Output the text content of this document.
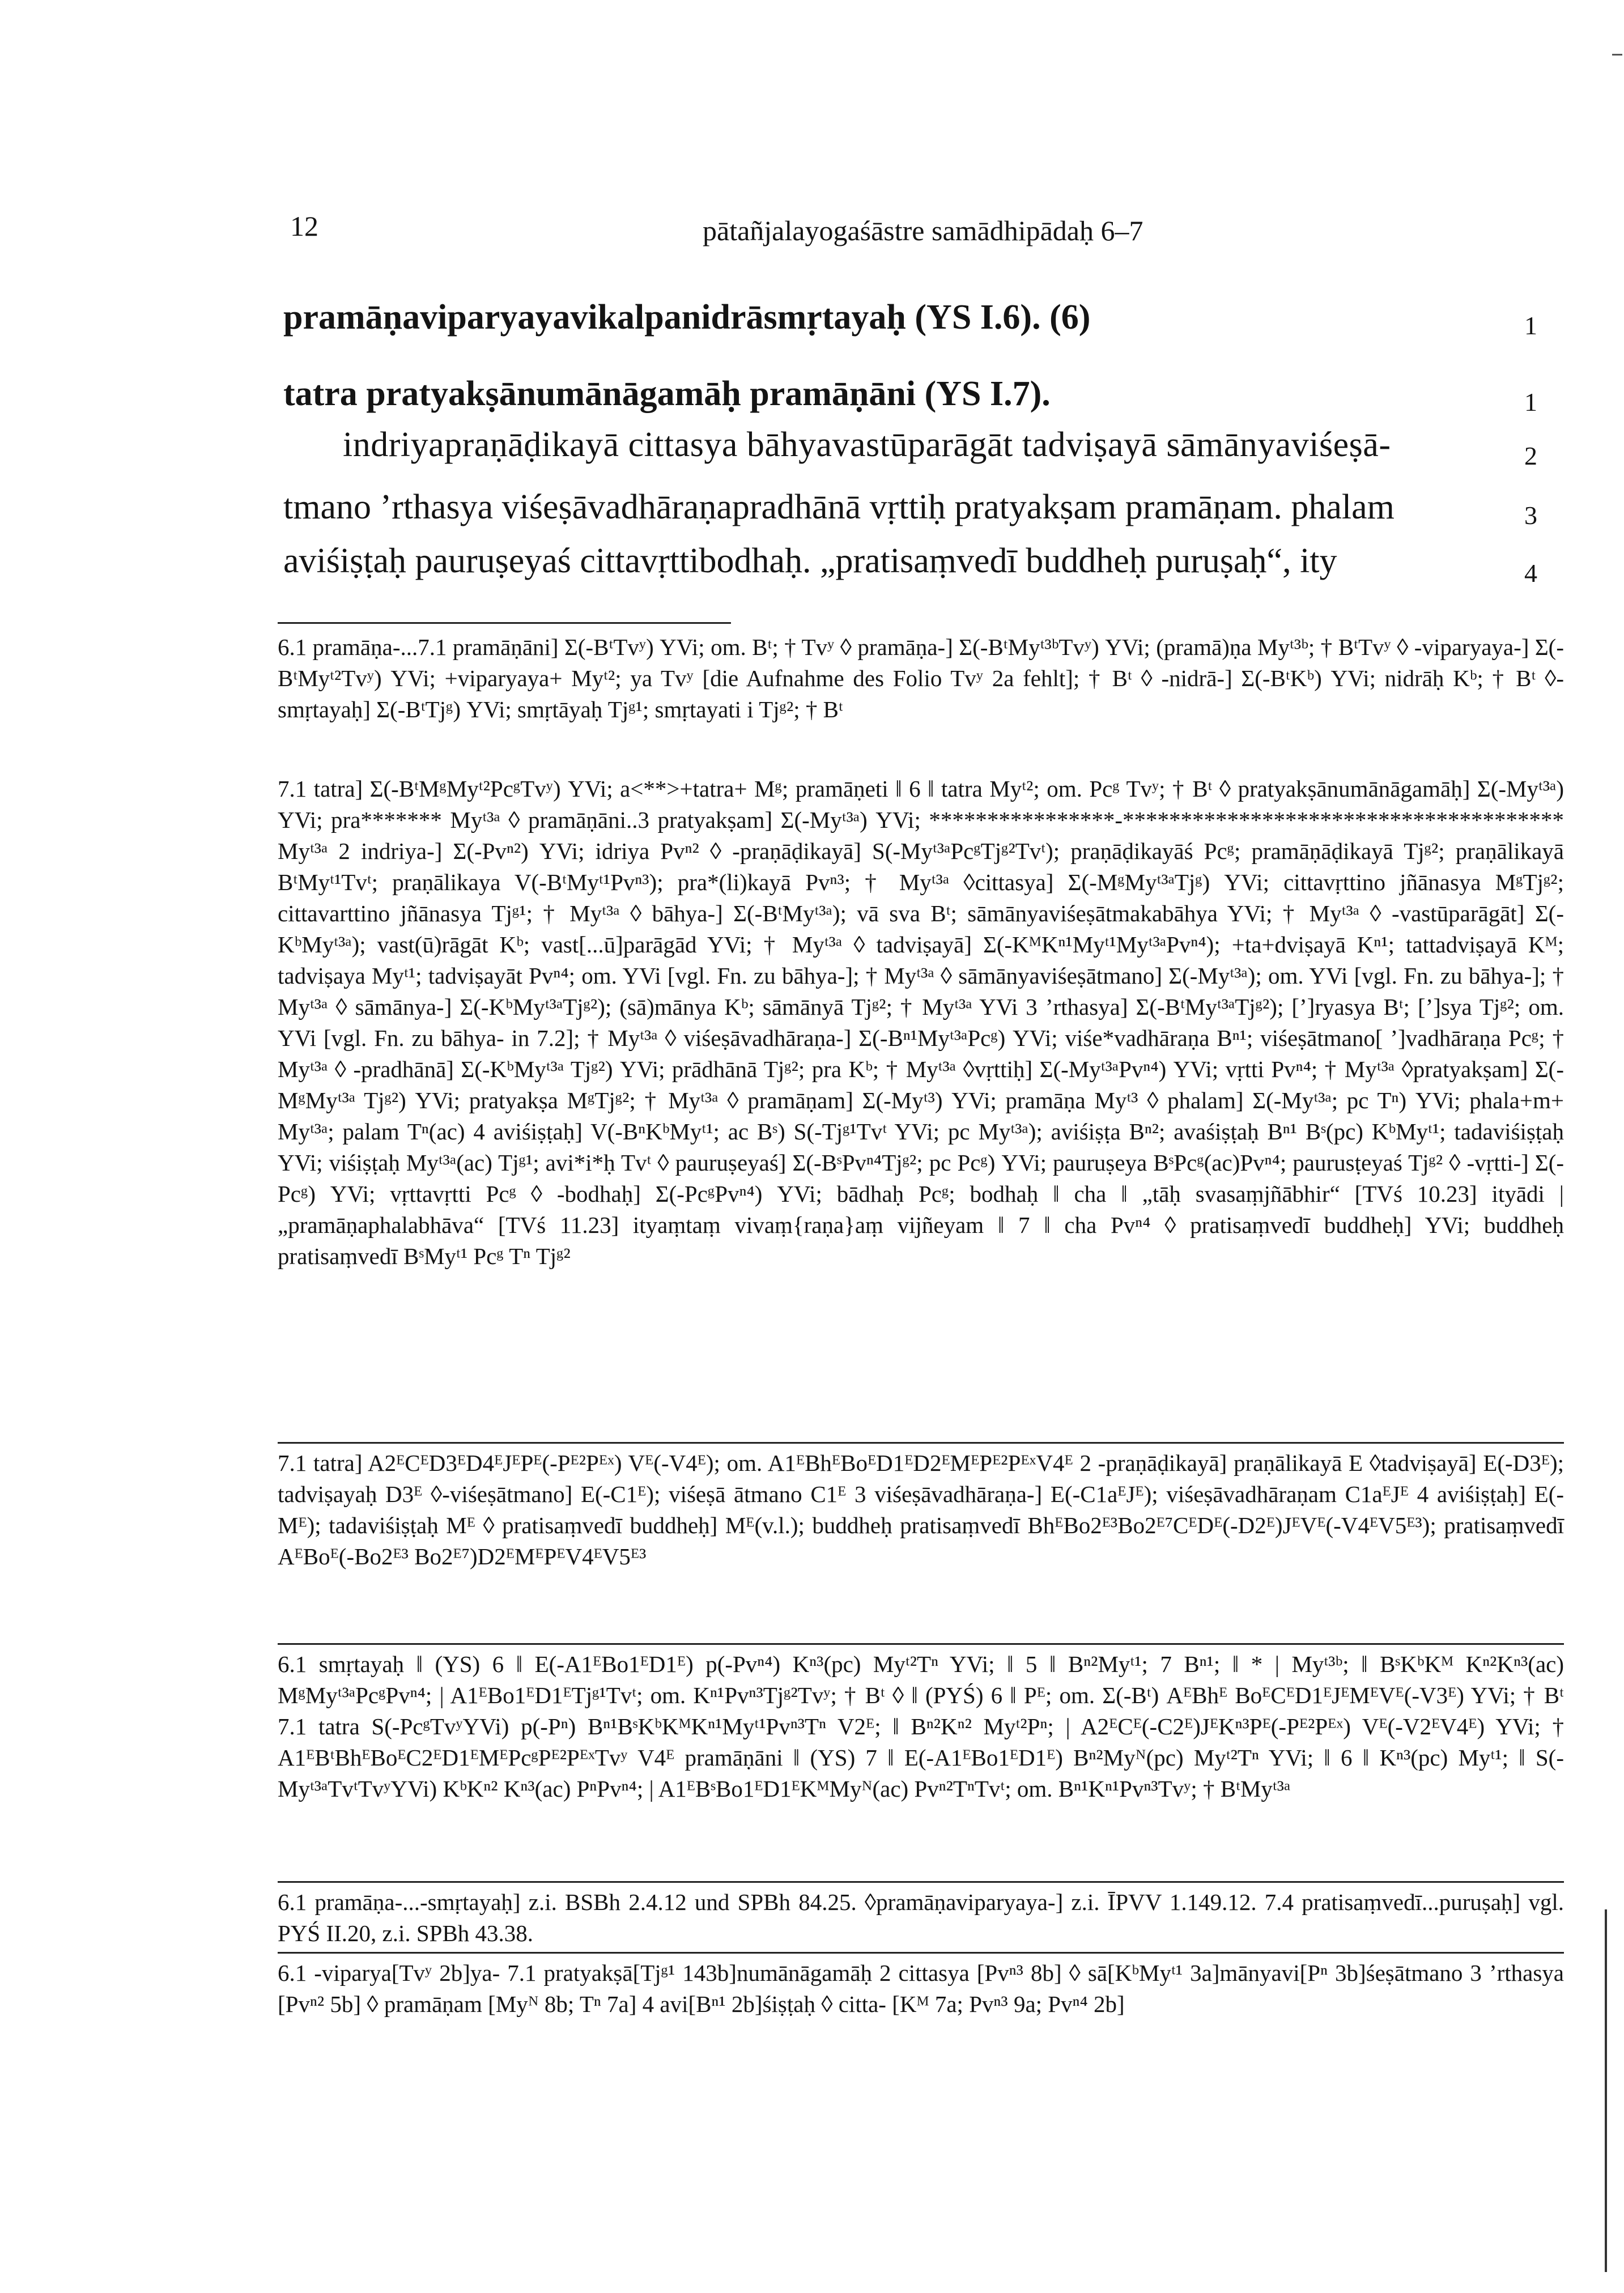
12	pātañjalayogaśāstre samādhipādaḥ 6–7
pramāṇaviparyayavikalpanidrāsmṛtayaḥ (YS I.6). (6)	1
tatra pratyakṣānumānāgamāḥ pramāṇāni (YS I.7).	1
indriyapraṇāḍikayā cittasya bāhyavastūparāgāt tadviṣayā sāmānyaviśeṣā-	2
tmano ’rthasya viśeṣāvadhāraṇapradhānā vṛttiḥ pratyakṣam pramāṇam. phalam	3
aviśiṣṭaḥ pauruṣeyaś cittavṛttibodhaḥ. „pratisaṃvedī buddheḥ puruṣaḥ“, ity	4
6.1 pramāṇa-...7.1 pramāṇāni] Σ(-BᵗTvʸ) YVi; om. Bᵗ; † Tvʸ ◊ pramāṇa-] Σ(-BᵗMyᵗ³ᵇTvʸ) YVi; (pramā)ṇa Myᵗ³ᵇ; † BᵗTvʸ ◊ -viparyaya-] Σ(-BᵗMyᵗ²Tvʸ) YVi; +viparyaya+ Myᵗ²; ya Tvʸ [die Aufnahme des Folio Tvʸ 2a fehlt]; † Bᵗ ◊ -nidrā-] Σ(-BᵗKᵇ) YVi; nidrāḥ Kᵇ; † Bᵗ ◊-smṛtayaḥ] Σ(-BᵗTjᵍ) YVi; smṛtāyaḥ Tjᵍ¹; smṛtayati i Tjᵍ²; † Bᵗ
7.1 tatra] Σ(-BᵗMᵍMyᵗ²PcᵍTvʸ) YVi; a<**>+tatra+ Mᵍ; pramāṇeti ‖ 6 ‖ tatra Myᵗ²; om. Pcᵍ Tvʸ; † Bᵗ ◊ pratyakṣānumānāgamāḥ] Σ(-Myᵗ³ᵃ) YVi; pra******* Myᵗ³ᵃ ◊ pramāṇāni..3 pratyakṣam] Σ(-Myᵗ³ᵃ) YVi; ****************-************************************** Myᵗ³ᵃ 2 indriya-] Σ(-Pvⁿ²) YVi; idriya Pvⁿ² ◊ -praṇāḍikayā] S(-Myᵗ³ᵃPcᵍTjᵍ²Tvᵗ); praṇāḍikayāś Pcᵍ; pramāṇāḍikayā Tjᵍ²; praṇālikayā BᵗMyᵗ¹Tvᵗ; praṇālikaya V(-BᵗMyᵗ¹Pvⁿ³); pra*(li)kayā Pvⁿ³; † Myᵗ³ᵃ ◊cittasya] Σ(-MᵍMyᵗ³ᵃTjᵍ) YVi; cittavṛttino jñānasya MᵍTjᵍ²; cittavarttino jñānasya Tjᵍ¹; † Myᵗ³ᵃ ◊ bāhya-] Σ(-BᵗMyᵗ³ᵃ); vā sva Bᵗ; sāmānyaviśeṣātmakabāhya YVi; † Myᵗ³ᵃ ◊ -vastūparāgāt] Σ(-KᵇMyᵗ³ᵃ); vast(ū)rāgāt Kᵇ; vast[...ū]parāgād YVi; † Myᵗ³ᵃ ◊ tadviṣayā] Σ(-KᴹKⁿ¹Myᵗ¹Myᵗ³ᵃPvⁿ⁴); +ta+dviṣayā Kⁿ¹; tattadviṣayā Kᴹ; tadviṣaya Myᵗ¹; tadviṣayāt Pvⁿ⁴; om. YVi [vgl. Fn. zu bāhya-]; † Myᵗ³ᵃ ◊ sāmānyaviśeṣātmano] Σ(-Myᵗ³ᵃ); om. YVi [vgl. Fn. zu bāhya-]; † Myᵗ³ᵃ ◊ sāmānya-] Σ(-KᵇMyᵗ³ᵃTjᵍ²); (sā)mānya Kᵇ; sāmānyā Tjᵍ²; † Myᵗ³ᵃ YVi 3 ’rthasya] Σ(-BᵗMyᵗ³ᵃTjᵍ²); [’]ryasya Bᵗ; [’]sya Tjᵍ²; om. YVi [vgl. Fn. zu bāhya- in 7.2]; † Myᵗ³ᵃ ◊ viśeṣāvadhāraṇa-] Σ(-Bⁿ¹Myᵗ³ᵃPcᵍ) YVi; viśe*vadhāraṇa Bⁿ¹; viśeṣātmano[ ’]vadhāraṇa Pcᵍ; † Myᵗ³ᵃ ◊ -pradhānā] Σ(-KᵇMyᵗ³ᵃ Tjᵍ²) YVi; prādhānā Tjᵍ²; pra Kᵇ; † Myᵗ³ᵃ ◊vṛttiḥ] Σ(-Myᵗ³ᵃPvⁿ⁴) YVi; vṛtti Pvⁿ⁴; † Myᵗ³ᵃ ◊pratyakṣam] Σ(-MᵍMyᵗ³ᵃ Tjᵍ²) YVi; pratyakṣa MᵍTjᵍ²; † Myᵗ³ᵃ ◊ pramāṇam] Σ(-Myᵗ³) YVi; pramāṇa Myᵗ³ ◊ phalam] Σ(-Myᵗ³ᵃ; pc Tⁿ) YVi; phala+m+ Myᵗ³ᵃ; palam Tⁿ(ac) 4 aviśiṣṭaḥ] V(-BⁿKᵇMyᵗ¹; ac Bˢ) S(-Tjᵍ¹Tvᵗ YVi; pc Myᵗ³ᵃ); aviśiṣṭa Bⁿ²; avaśiṣṭaḥ Bⁿ¹ Bˢ(pc) KᵇMyᵗ¹; tadaviśiṣṭaḥ YVi; viśiṣṭaḥ Myᵗ³ᵃ(ac) Tjᵍ¹; avi*i*ḥ Tvᵗ ◊ pauruṣeyaś] Σ(-BˢPvⁿ⁴Tjᵍ²; pc Pcᵍ) YVi; pauruṣeya BˢPcᵍ(ac)Pvⁿ⁴; paurusṭeyaś Tjᵍ² ◊ -vṛtti-] Σ(-Pcᵍ) YVi; vṛttavṛtti Pcᵍ ◊ -bodhaḥ] Σ(-PcᵍPvⁿ⁴) YVi; bādhaḥ Pcᵍ; bodhaḥ ‖ cha ‖ „tāḥ svasaṃjñābhir“ [TVś 10.23] ityādi | „pramāṇaphalabhāva“ [TVś 11.23] ityaṃtaṃ vivaṃ{raṇa}aṃ vijñeyam ‖ 7 ‖ cha Pvⁿ⁴ ◊ pratisaṃvedī buddheḥ] YVi; buddheḥ pratisaṃvedī BˢMyᵗ¹ Pcᵍ Tⁿ Tjᵍ²
7.1 tatra] A2ᴱCᴱD3ᴱD4ᴱJᴱPᴱ(-Pᴱ²Pᴱˣ) Vᴱ(-V4ᴱ); om. A1ᴱBhᴱBoᴱD1ᴱD2ᴱMᴱPᴱ²PᴱˣV4ᴱ 2 -praṇāḍikayā] praṇālikayā E ◊tadviṣayā] E(-D3ᴱ); tadviṣayaḥ D3ᴱ ◊-viśeṣātmano] E(-C1ᴱ); viśeṣā ātmano C1ᴱ 3 viśeṣāvadhāraṇa-] E(-C1aᴱJᴱ); viśeṣāvadhāraṇam C1aᴱJᴱ 4 aviśiṣṭaḥ] E(-Mᴱ); tadaviśiṣṭaḥ Mᴱ ◊ pratisaṃvedī buddheḥ] Mᴱ(v.l.); buddheḥ pratisaṃvedī BhᴱBo2ᴱ³Bo2ᴱ⁷CᴱDᴱ(-D2ᴱ)JᴱVᴱ(-V4ᴱV5ᴱ³); pratisaṃvedī AᴱBoᴱ(-Bo2ᴱ³ Bo2ᴱ⁷)D2ᴱMᴱPᴱV4ᴱV5ᴱ³
6.1 smṛtayaḥ ‖ (YS) 6 ‖ E(-A1ᴱBo1ᴱD1ᴱ) p(-Pvⁿ⁴) Kⁿ³(pc) Myᵗ²Tⁿ YVi; ‖ 5 ‖ Bⁿ²Myᵗ¹; 7 Bⁿ¹; ‖ * | Myᵗ³ᵇ; ‖ BˢKᵇKᴹ Kⁿ²Kⁿ³(ac) MᵍMyᵗ³ᵃPcᵍPvⁿ⁴; | A1ᴱBo1ᴱD1ᴱTjᵍ¹Tvᵗ; om. Kⁿ¹Pvⁿ³Tjᵍ²Tvʸ; † Bᵗ ◊ ‖ (PYŚ) 6 ‖ Pᴱ; om. Σ(-Bᵗ) AᴱBhᴱ BoᴱCᴱD1ᴱJᴱMᴱVᴱ(-V3ᴱ) YVi; † Bᵗ 7.1 tatra S(-PcᵍTvʸYVi) p(-Pⁿ) Bⁿ¹BˢKᵇKᴹKⁿ¹Myᵗ¹Pvⁿ³Tⁿ V2ᴱ; ‖ Bⁿ²Kⁿ² Myᵗ²Pⁿ; | A2ᴱCᴱ(-C2ᴱ)JᴱKⁿ³Pᴱ(-Pᴱ²Pᴱˣ) Vᴱ(-V2ᴱV4ᴱ) YVi; † A1ᴱBᵗBhᴱBoᴱC2ᴱD1ᴱMᴱPcᵍPᴱ²PᴱˣTvʸ V4ᴱ pramāṇāni ‖ (YS) 7 ‖ E(-A1ᴱBo1ᴱD1ᴱ) Bⁿ²Myᴺ(pc) Myᵗ²Tⁿ YVi; ‖ 6 ‖ Kⁿ³(pc) Myᵗ¹; ‖ S(-Myᵗ³ᵃTvᵗTvʸYVi) KᵇKⁿ² Kⁿ³(ac) PⁿPvⁿ⁴; | A1ᴱBˢBo1ᴱD1ᴱKᴹMyᴺ(ac) Pvⁿ²TⁿTvᵗ; om. Bⁿ¹Kⁿ¹Pvⁿ³Tvʸ; † BᵗMyᵗ³ᵃ
6.1 pramāṇa-...-smṛtayaḥ] z.i. BSBh 2.4.12 und SPBh 84.25. ◊pramāṇaviparyaya-] z.i. ĪPVV 1.149.12. 7.4 pratisaṃvedī...puruṣaḥ] vgl. PYŚ II.20, z.i. SPBh 43.38.
6.1 -viparya[Tvʸ 2b]ya- 7.1 pratyakṣā[Tjᵍ¹ 143b]numānāgamāḥ 2 cittasya [Pvⁿ³ 8b] ◊ sā[KᵇMyᵗ¹ 3a]mānyavi[Pⁿ 3b]śeṣātmano 3 ’rthasya [Pvⁿ² 5b] ◊ pramāṇam [Myᴺ 8b; Tⁿ 7a] 4 avi[Bⁿ¹ 2b]śiṣṭaḥ ◊ citta- [Kᴹ 7a; Pvⁿ³ 9a; Pvⁿ⁴ 2b]
